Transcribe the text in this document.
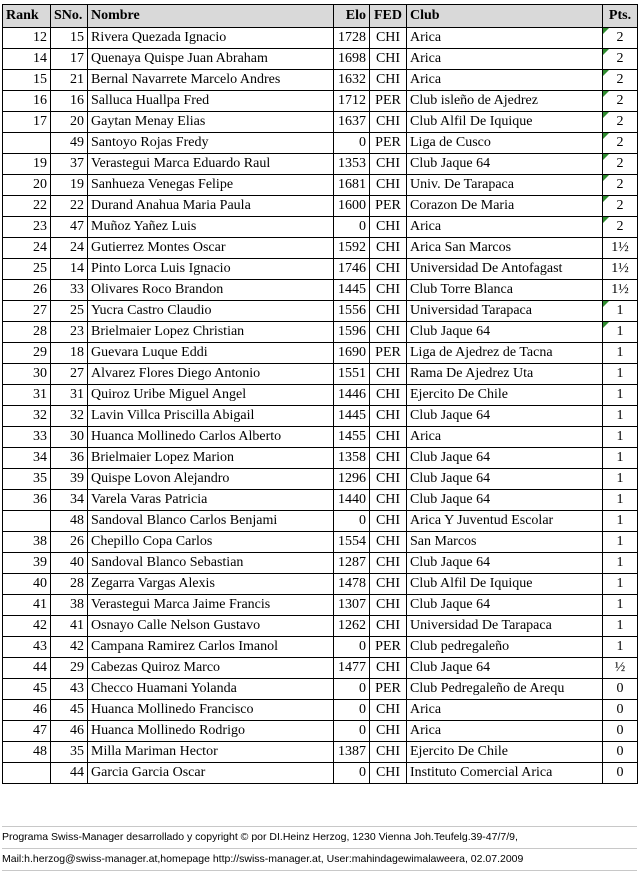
Rank	SNo.	Nombre	Elo	FED	Club	Pts.
12	15	Rivera Quezada Ignacio	1728	CHI	Arica	2

14	17	Quenaya Quispe Juan Abraham	1698	CHI	Arica	2

15	21	Bernal Navarrete Marcelo Andres	1632	CHI	Arica	2

16	16	Salluca Huallpa Fred	1712	PER	Club isleño de Ajedrez	2

17	20	Gaytan Menay Elias	1637	CHI	Club Alfil De Iquique	2

	49	Santoyo Rojas Fredy	0	PER	Liga de Cusco	2

19	37	Verastegui Marca Eduardo Raul	1353	CHI	Club Jaque 64	2

20	19	Sanhueza Venegas Felipe	1681	CHI	Univ. De Tarapaca	2

22	22	Durand Anahua Maria Paula	1600	PER	Corazon De Maria	2

23	47	Muñoz Yañez Luis	0	CHI	Arica	2

24	24	Gutierrez Montes Oscar	1592	CHI	Arica San Marcos	1½
25	14	Pinto Lorca Luis Ignacio	1746	CHI	Universidad De Antofagast	1½
26	33	Olivares Roco Brandon	1445	CHI	Club Torre Blanca	1½
27	25	Yucra Castro Claudio	1556	CHI	Universidad Tarapaca	1

28	23	Brielmaier Lopez Christian	1596	CHI	Club Jaque 64	1

29	18	Guevara Luque Eddi	1690	PER	Liga de Ajedrez de Tacna	1
30	27	Alvarez Flores Diego Antonio	1551	CHI	Rama De Ajedrez Uta	1
31	31	Quiroz Uribe Miguel Angel	1446	CHI	Ejercito De Chile	1
32	32	Lavin Villca Priscilla Abigail	1445	CHI	Club Jaque 64	1
33	30	Huanca Mollinedo Carlos Alberto	1455	CHI	Arica	1
34	36	Brielmaier Lopez Marion	1358	CHI	Club Jaque 64	1
35	39	Quispe Lovon Alejandro	1296	CHI	Club Jaque 64	1
36	34	Varela Varas Patricia	1440	CHI	Club Jaque 64	1
	48	Sandoval Blanco Carlos Benjami	0	CHI	Arica Y Juventud Escolar	1
38	26	Chepillo Copa Carlos	1554	CHI	San Marcos	1
39	40	Sandoval Blanco Sebastian	1287	CHI	Club Jaque 64	1
40	28	Zegarra Vargas Alexis	1478	CHI	Club Alfil De Iquique	1
41	38	Verastegui Marca Jaime Francis	1307	CHI	Club Jaque 64	1
42	41	Osnayo Calle Nelson Gustavo	1262	CHI	Universidad De Tarapaca	1
43	42	Campana Ramirez Carlos Imanol	0	PER	Club pedregaleño	1
44	29	Cabezas Quiroz Marco	1477	CHI	Club Jaque 64	½
45	43	Checco Huamani Yolanda	0	PER	Club Pedregaleño de Arequ	0
46	45	Huanca Mollinedo Francisco	0	CHI	Arica	0
47	46	Huanca Mollinedo Rodrigo	0	CHI	Arica	0
48	35	Milla Mariman Hector	1387	CHI	Ejercito De Chile	0
	44	Garcia Garcia Oscar	0	CHI	Instituto Comercial Arica	0
Programa Swiss-Manager desarrollado y copyright © por DI.Heinz Herzog, 1230 Vienna Joh.Teufelg.39-47/7/9,
Mail:h.herzog@swiss-manager.at,homepage http://swiss-manager.at, User:mahindagewimalaweera, 02.07.2009
